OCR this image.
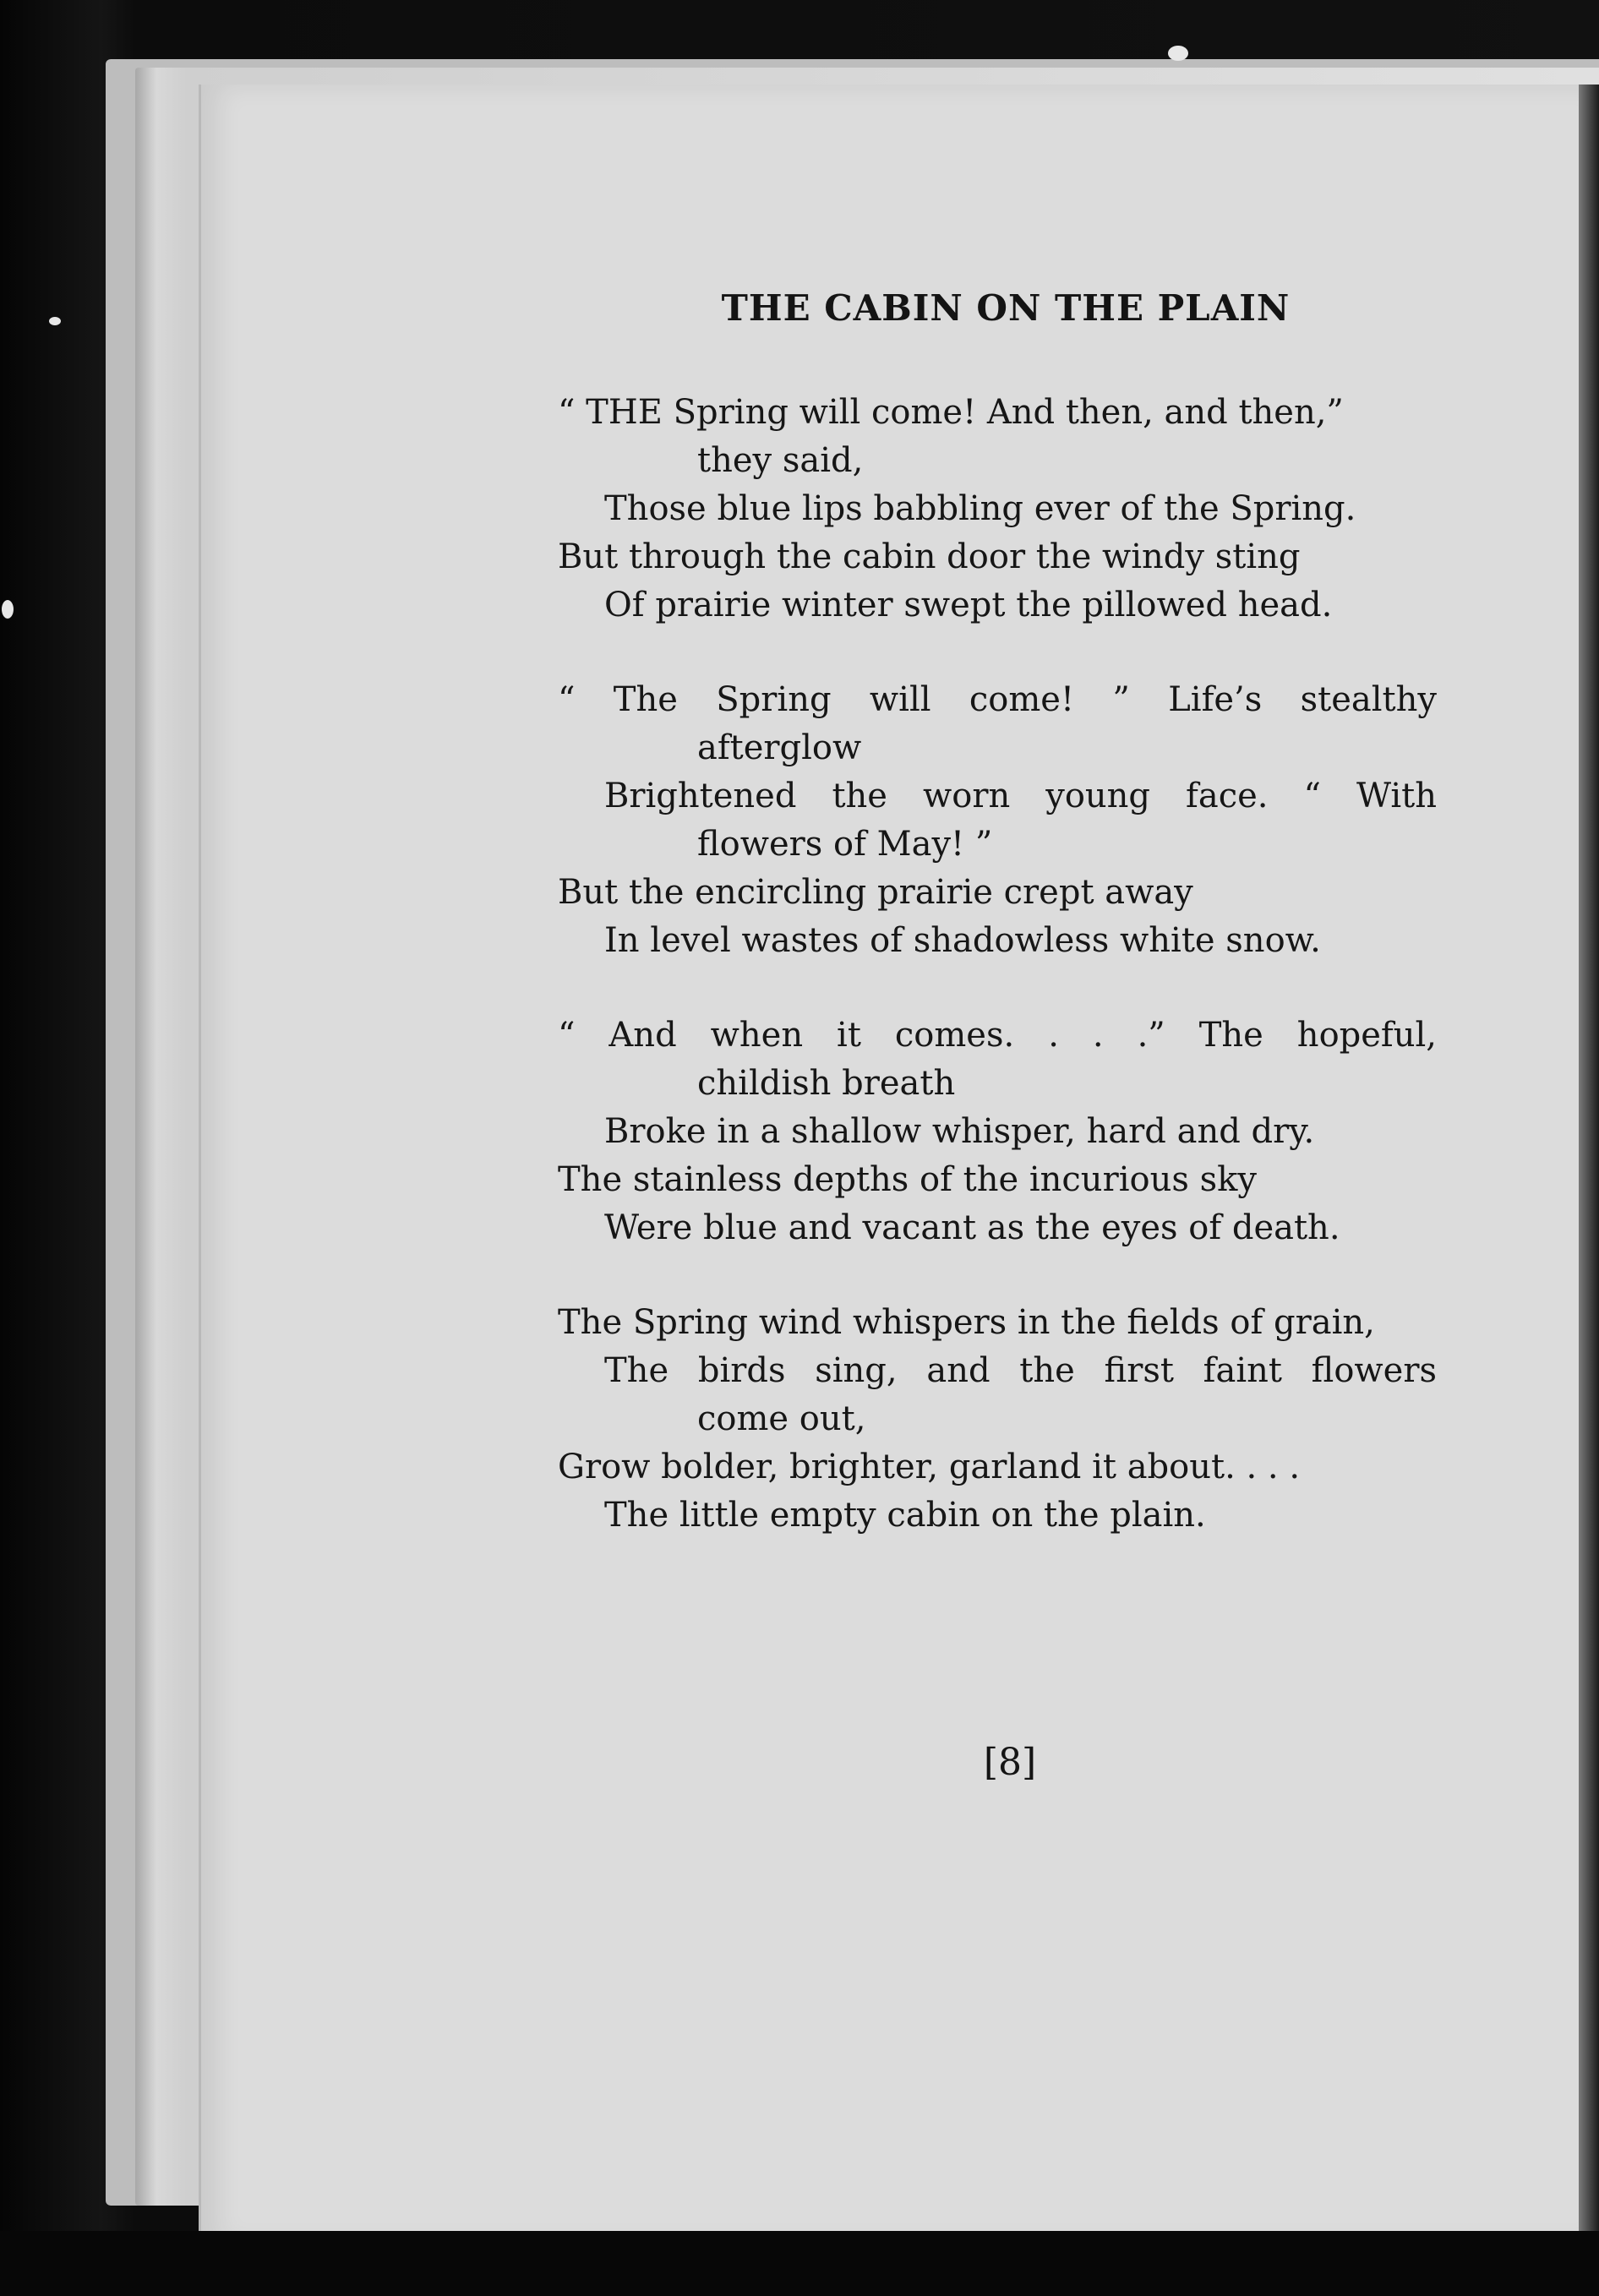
THE CABIN ON THE PLAIN
“ THE Spring will come! And then, and then,”
they said,
Those blue lips babbling ever of the Spring.
But through the cabin door the windy sting
Of prairie winter swept the pillowed head.
“ The Spring will come! ” Life’s stealthy
afterglow
Brightened the worn young face. “ With
flowers of May! ”
But the encircling prairie crept away
In level wastes of shadowless white snow.
“ And when it comes. . . .” The hopeful,
childish breath
Broke in a shallow whisper, hard and dry.
The stainless depths of the incurious sky
Were blue and vacant as the eyes of death.
The Spring wind whispers in the fields of grain,
The birds sing, and the first faint flowers
come out,
Grow bolder, brighter, garland it about. . . .
The little empty cabin on the plain.
[8]
